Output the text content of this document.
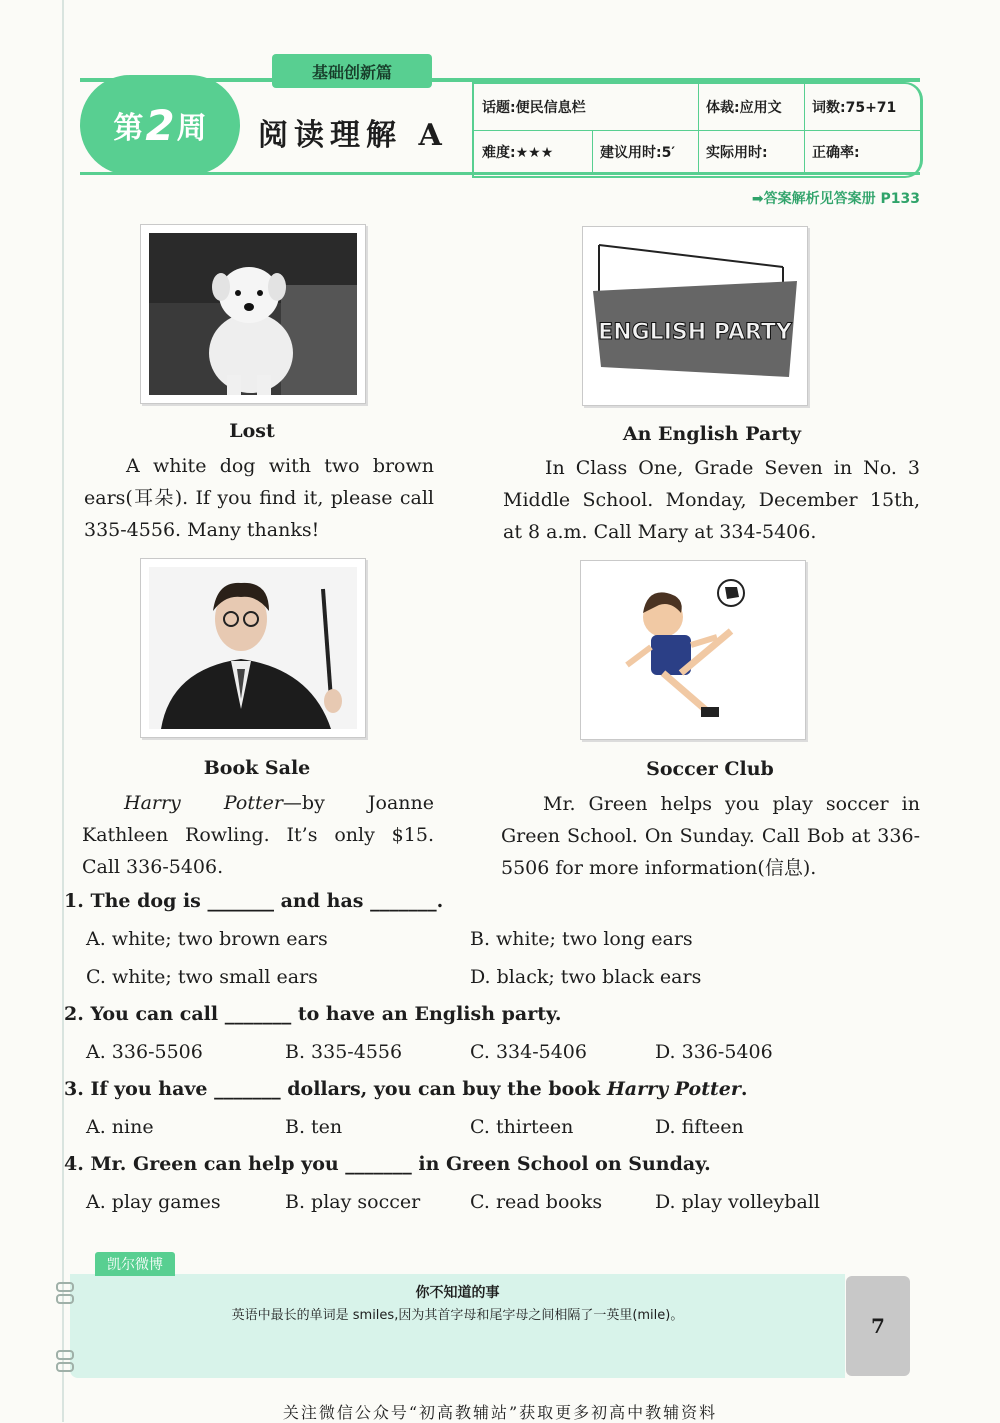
基础创新篇
第 2 周 阅读理解 A
话题:便民信息栏	体裁:应用文	词数:75+71
难度:★★★	建议用时:5′	实际用时:	正确率:
➡答案解析见答案册 P133
Lost
A white dog with two brown ears(耳朵). If you find it, please call 335-4556. Many thanks!
ENGLISH PARTY
An English Party
In Class One, Grade Seven in No. 3 Middle School. Monday, December 15th, at 8 a.m. Call Mary at 334-5406.
Book Sale
Harry Potter—by Joanne Kathleen Rowling. It’s only $15. Call 336-5406.
Soccer Club
Mr. Green helps you play soccer in Green School. On Sunday. Call Bob at 336-5506 for more information(信息).
1. The dog is _______ and has _______.
A. white; two brown ears	B. white; two long ears
C. white; two small ears	D. black; two black ears
2. You can call _______ to have an English party.
A. 336-5506	B. 335-4556	C. 334-5406	D. 336-5406
3. If you have _______ dollars, you can buy the book Harry Potter.
A. nine	B. ten	C. thirteen	D. fifteen
4. Mr. Green can help you _______ in Green School on Sunday.
A. play games	B. play soccer	C. read books	D. play volleyball
凯尔微博
你不知道的事
英语中最长的单词是 smiles,因为其首字母和尾字母之间相隔了一英里(mile)。	7
关注微信公众号“初高教辅站”获取更多初高中教辅资料
